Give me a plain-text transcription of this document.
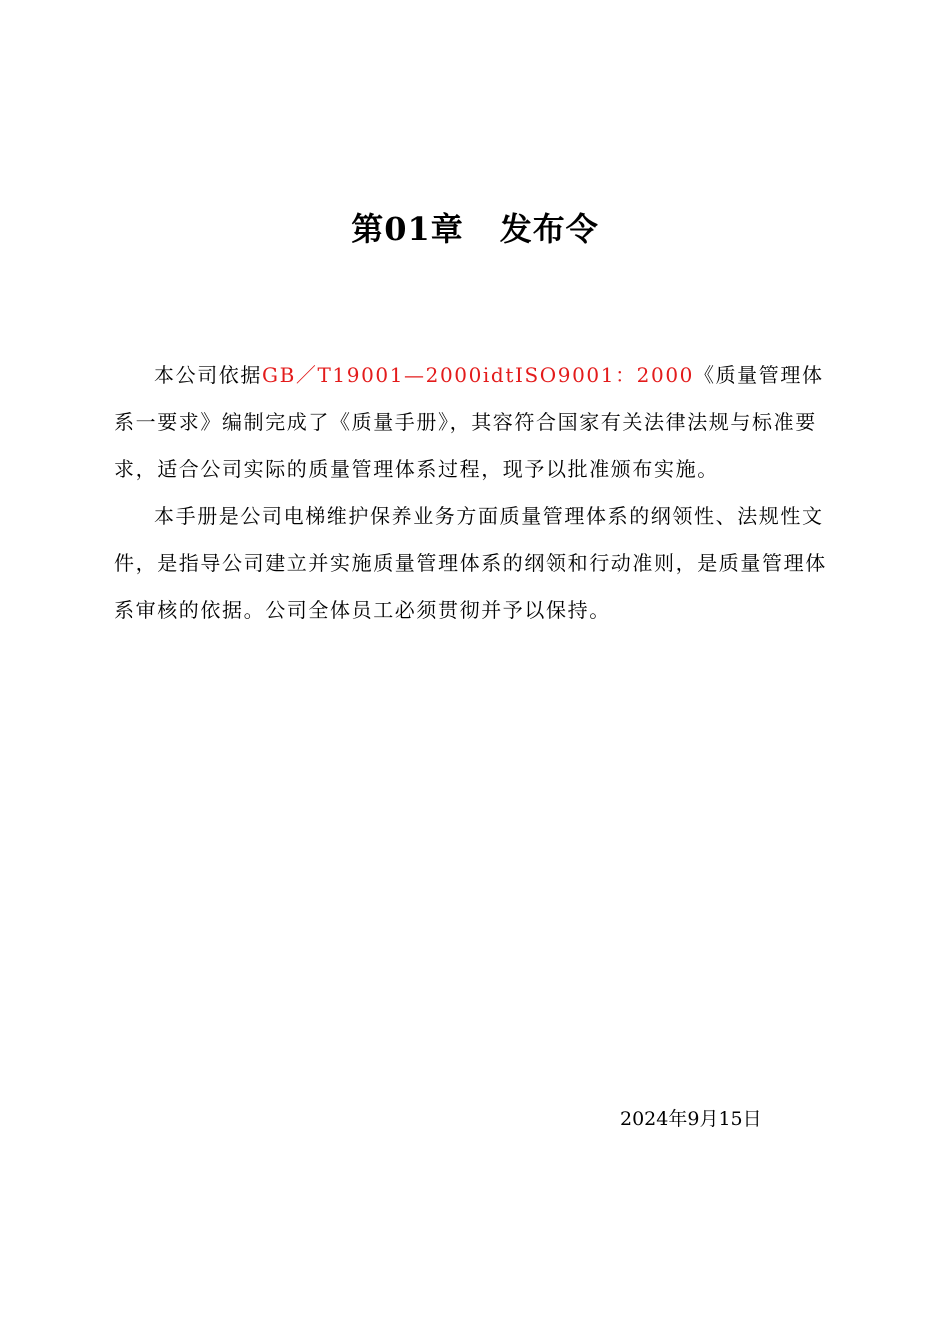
第01章 发布令

本公司依据GB／T19001—2000idtISO9001：2000《质量管理体系一要求》编制完成了《质量手册》，其容符合国家有关法律法规与标准要求，适合公司实际的质量管理体系过程，现予以批准颁布实施。

本手册是公司电梯维护保养业务方面质量管理体系的纲领性、法规性文件，是指导公司建立并实施质量管理体系的纲领和行动准则，是质量管理体系审核的依据。公司全体员工必须贯彻并予以保持。

2024年9月15日
